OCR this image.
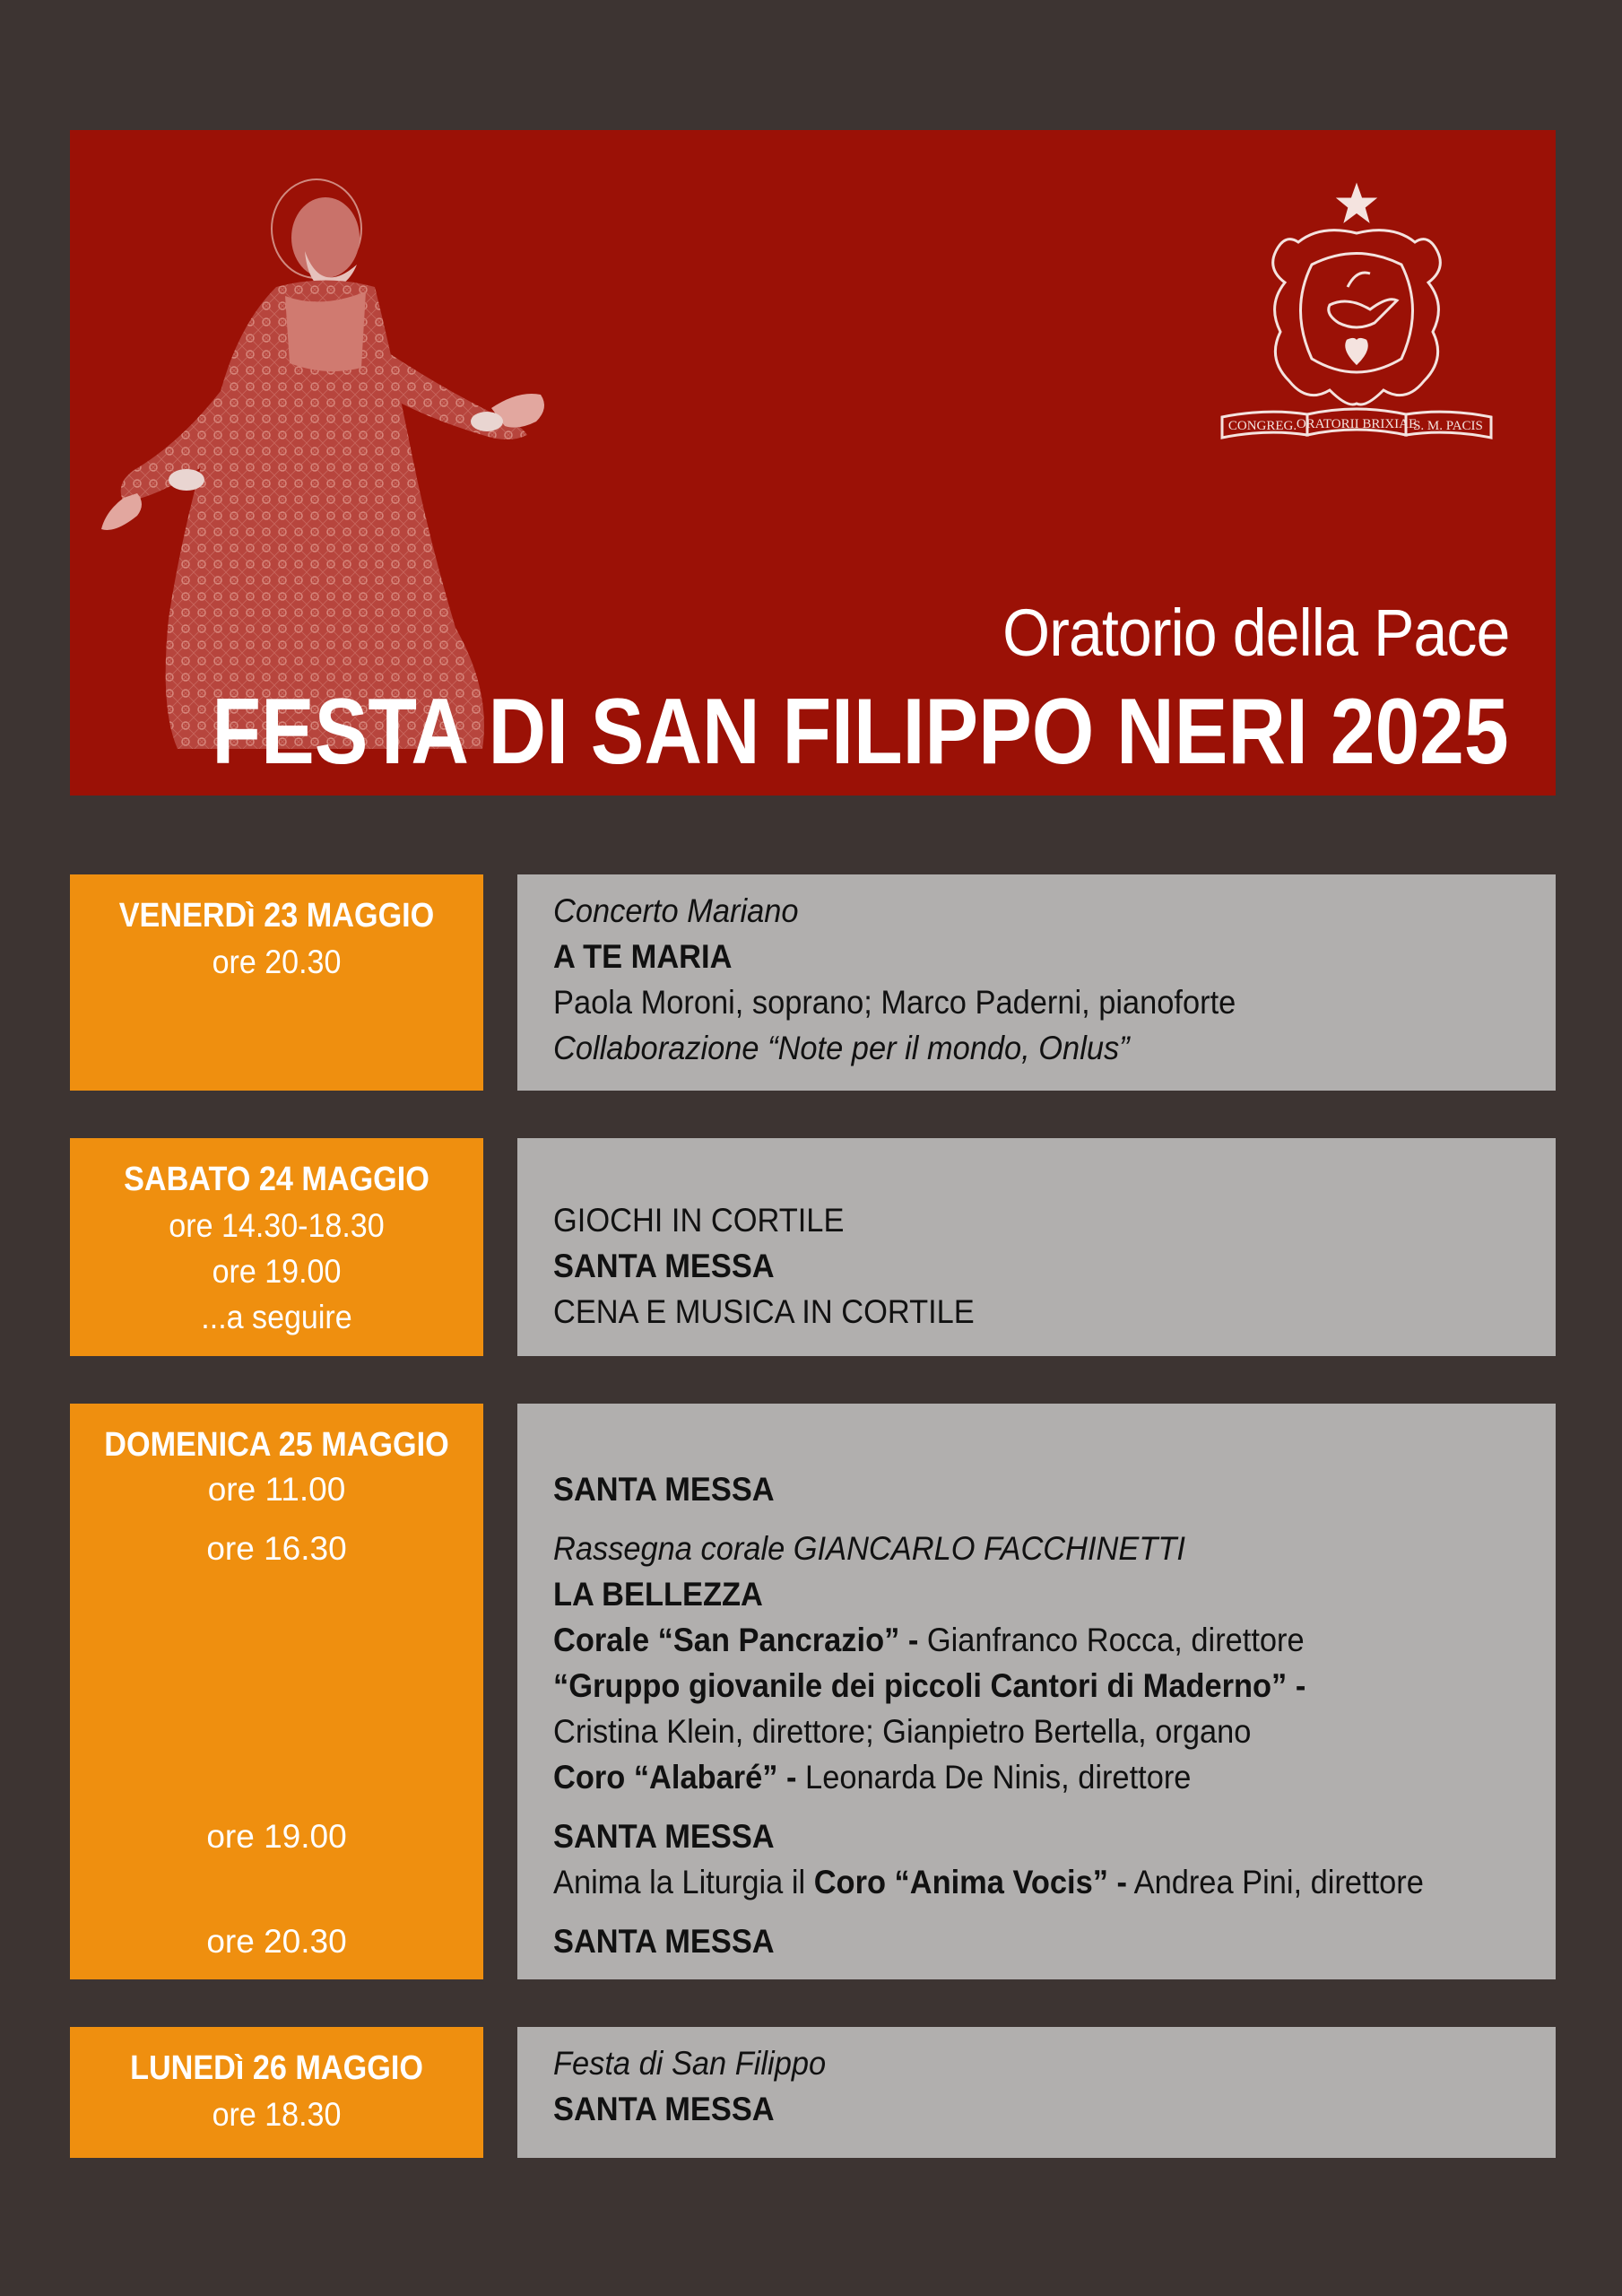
CONGREG. ORATORII BRIXIAE
S. M. PACIS
Oratorio della Pace
FESTA DI SAN FILIPPO NERI 2025
VENERDì 23 MAGGIO
ore 20.30
Concerto Mariano
A TE MARIA
Paola Moroni, soprano; Marco Paderni, pianoforte
Collaborazione “Note per il mondo, Onlus”
SABATO 24 MAGGIO
ore 14.30-18.30
ore 19.00
...a seguire
GIOCHI IN CORTILE
SANTA MESSA
CENA E MUSICA IN CORTILE
DOMENICA 25 MAGGIO
ore 11.00
ore 16.30
ore 19.00
ore 20.30
SANTA MESSA
Rassegna corale GIANCARLO FACCHINETTI
LA BELLEZZA
Corale “San Pancrazio” - Gianfranco Rocca, direttore
“Gruppo giovanile dei piccoli Cantori di Maderno” -
Cristina Klein, direttore; Gianpietro Bertella, organo
Coro “Alabaré” - Leonarda De Ninis, direttore
SANTA MESSA
Anima la Liturgia il Coro “Anima Vocis” - Andrea Pini, direttore
SANTA MESSA
LUNEDì 26 MAGGIO
ore 18.30
Festa di San Filippo
SANTA MESSA
